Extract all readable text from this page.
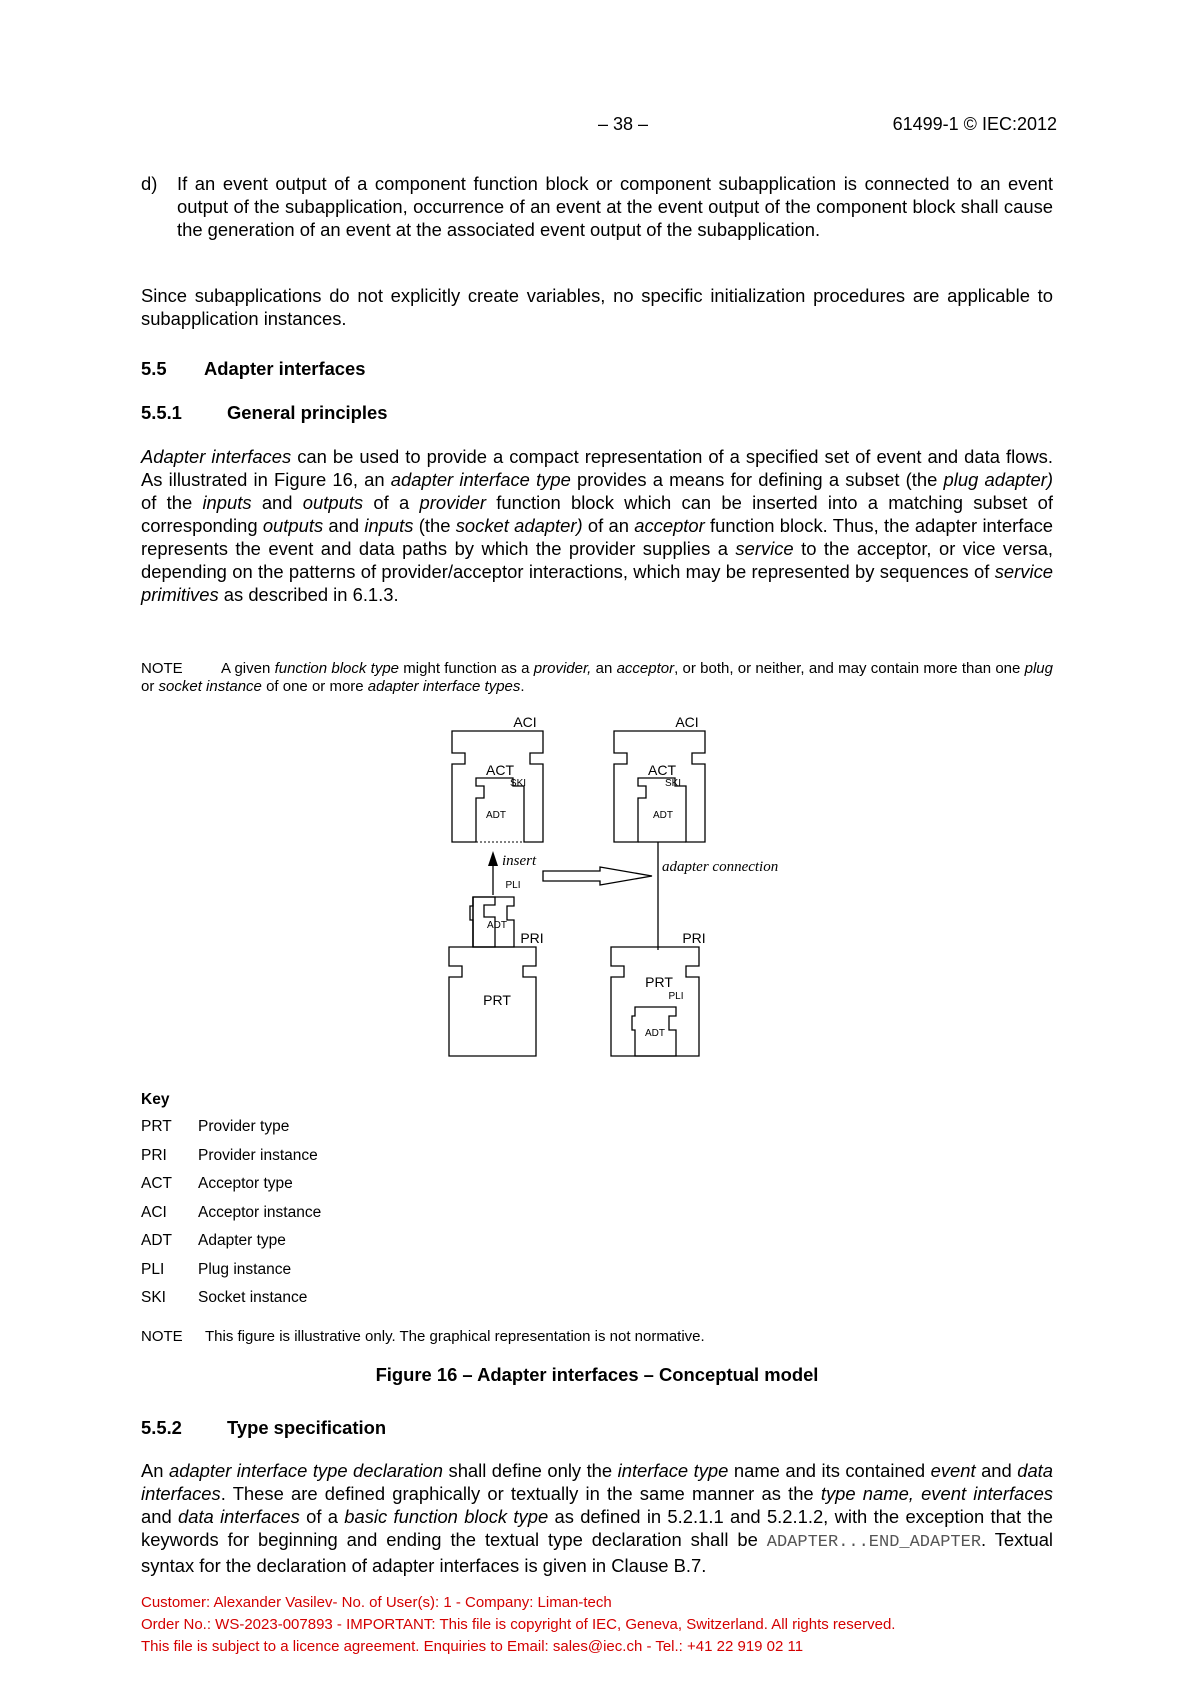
– 38 –	61499-1 © IEC:2012
d) If an event output of a component function block or component subapplication is connected to an event output of the subapplication, occurrence of an event at the event output of the component block shall cause the generation of an event at the associated event output of the subapplication.
Since subapplications do not explicitly create variables, no specific initialization procedures are applicable to subapplication instances.
5.5 Adapter interfaces
5.5.1 General principles
Adapter interfaces can be used to provide a compact representation of a specified set of event and data flows. As illustrated in Figure 16, an adapter interface type provides a means for defining a subset (the plug adapter) of the inputs and outputs of a provider function block which can be inserted into a matching subset of corresponding outputs and inputs (the socket adapter) of an acceptor function block. Thus, the adapter interface represents the event and data paths by which the provider supplies a service to the acceptor, or vice versa, depending on the patterns of provider/acceptor interactions, which may be represented by sequences of service primitives as described in 6.1.3.
NOTE	A given function block type might function as a provider, an acceptor, or both, or neither, and may contain more than one plug or socket instance of one or more adapter interface types.
ACI	ACI
ACT	ACT
SKI	SKI
ADT	ADT
insert	adapter connection
PLI
ADT
PRI	PRI
PRT
PRT
PLI
ADT
Key
PRT Provider type
PRI Provider instance
ACT Acceptor type
ACI Acceptor instance
ADT Adapter type
PLI Plug instance
SKI Socket instance
NOTE This figure is illustrative only. The graphical representation is not normative.
Figure 16 – Adapter interfaces – Conceptual model
5.5.2 Type specification
An adapter interface type declaration shall define only the interface type name and its contained event and data interfaces. These are defined graphically or textually in the same manner as the type name, event interfaces and data interfaces of a basic function block type as defined in 5.2.1.1 and 5.2.1.2, with the exception that the keywords for beginning and ending the textual type declaration shall be ADAPTER...END_ADAPTER. Textual syntax for the declaration of adapter interfaces is given in Clause B.7.
Customer: Alexander Vasilev- No. of User(s): 1 - Company: Liman-tech
Order No.: WS-2023-007893 - IMPORTANT: This file is copyright of IEC, Geneva, Switzerland. All rights reserved.
This file is subject to a licence agreement. Enquiries to Email: sales@iec.ch - Tel.: +41 22 919 02 11
